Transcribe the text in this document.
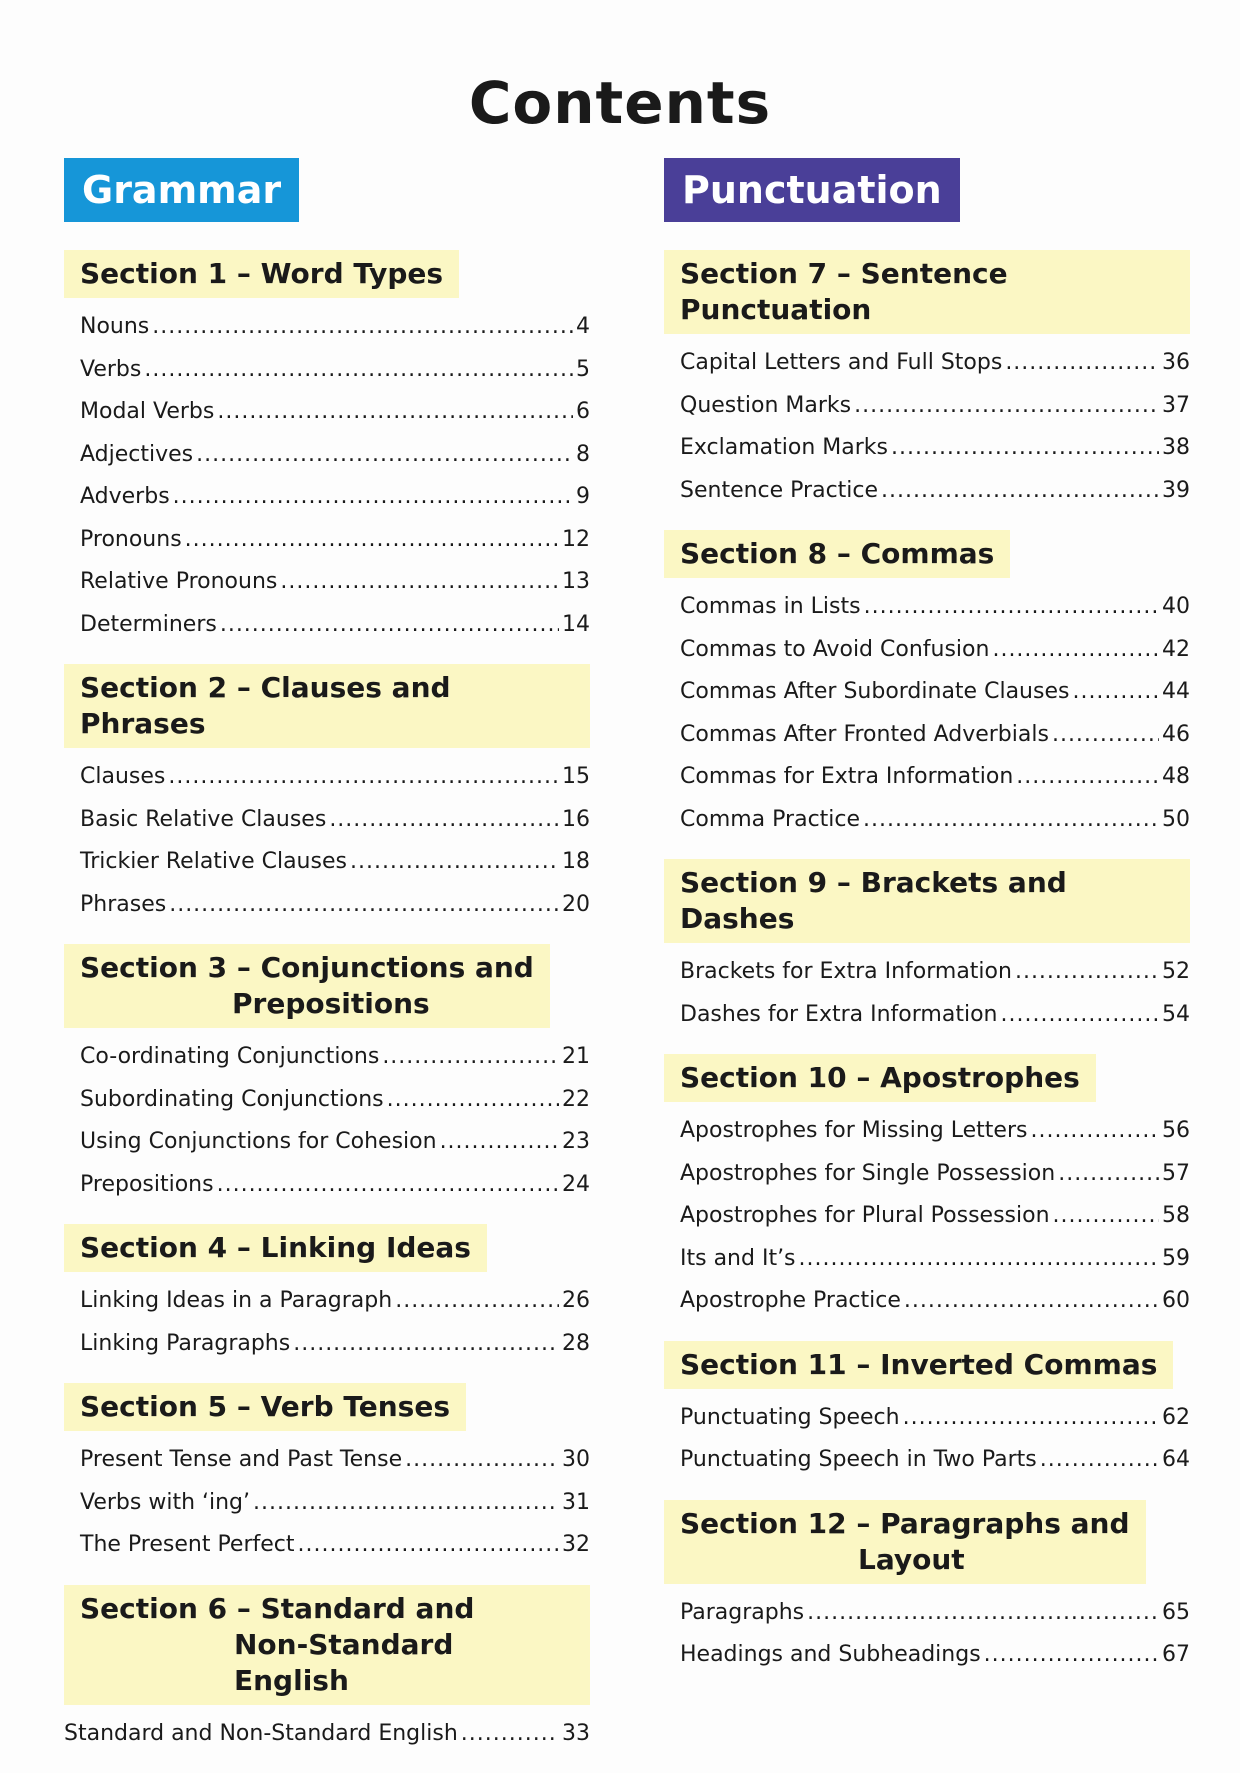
Contents
Grammar
Section 1 – Word Types
Nouns .....	4
Verbs .....	5
Modal Verbs .....	6
Adjectives .....	8
Adverbs .....	9
Pronouns .....	12
Relative Pronouns .....	13
Determiners .....	14
Section 2 – Clauses and Phrases
Clauses .....	15
Basic Relative Clauses .....	16
Trickier Relative Clauses .....	18
Phrases .....	20
Section 3 – Conjunctions and
Prepositions
Co-ordinating Conjunctions .....	21
Subordinating Conjunctions .....	22
Using Conjunctions for Cohesion .....	23
Prepositions .....	24
Section 4 – Linking Ideas
Linking Ideas in a Paragraph .....	26
Linking Paragraphs .....	28
Section 5 – Verb Tenses
Present Tense and Past Tense .....	30
Verbs with ‘ing’ .....	31
The Present Perfect .....	32
Section 6 – Standard and
Non-Standard English
Standard and Non-Standard English .....	33
Punctuation
Section 7 – Sentence Punctuation
Capital Letters and Full Stops .....	36
Question Marks .....	37
Exclamation Marks .....	38
Sentence Practice .....	39
Section 8 – Commas
Commas in Lists .....	40
Commas to Avoid Confusion .....	42
Commas After Subordinate Clauses .....	44
Commas After Fronted Adverbials .....	46
Commas for Extra Information .....	48
Comma Practice .....	50
Section 9 – Brackets and Dashes
Brackets for Extra Information .....	52
Dashes for Extra Information .....	54
Section 10 – Apostrophes
Apostrophes for Missing Letters .....	56
Apostrophes for Single Possession .....	57
Apostrophes for Plural Possession .....	58
Its and It’s .....	59
Apostrophe Practice .....	60
Section 11 – Inverted Commas
Punctuating Speech .....	62
Punctuating Speech in Two Parts .....	64
Section 12 – Paragraphs and
Layout
Paragraphs .....	65
Headings and Subheadings .....	67
